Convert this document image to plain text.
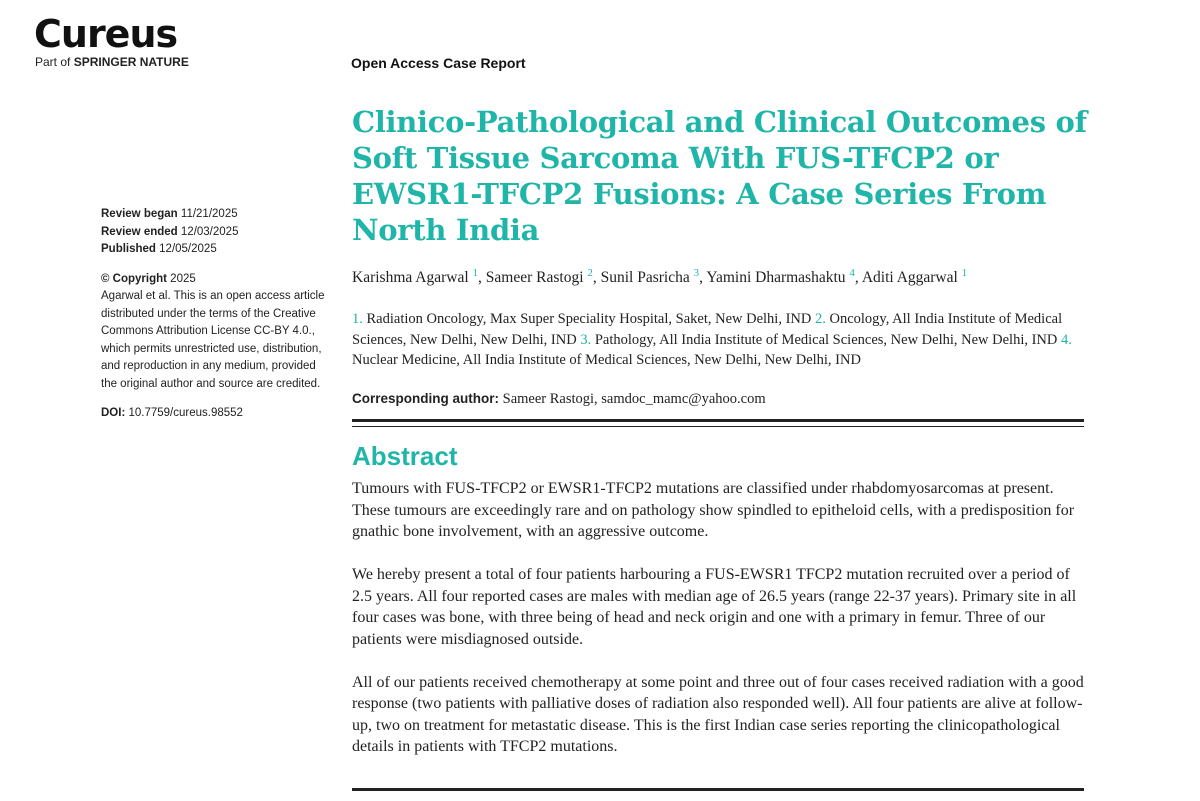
Cureus
Part of SPRINGER NATURE	Open Access Case Report
Review began 11/21/2025
Review ended 12/03/2025
Published 12/05/2025
© Copyright 2025
Agarwal et al. This is an open access article distributed under the terms of the Creative Commons Attribution License CC-BY 4.0., which permits unrestricted use, distribution, and reproduction in any medium, provided the original author and source are credited.
DOI: 10.7759/cureus.98552
Clinico-Pathological and Clinical Outcomes of Soft Tissue Sarcoma With FUS-TFCP2 or EWSR1-TFCP2 Fusions: A Case Series From North India
Karishma Agarwal $^1$, Sameer Rastogi $^2$, Sunil Pasricha $^3$, Yamini Dharmashaktu $^4$, Aditi Aggarwal $^1$
1. Radiation Oncology, Max Super Speciality Hospital, Saket, New Delhi, IND 2. Oncology, All India Institute of Medical Sciences, New Delhi, New Delhi, IND 3. Pathology, All India Institute of Medical Sciences, New Delhi, New Delhi, IND 4. Nuclear Medicine, All India Institute of Medical Sciences, New Delhi, New Delhi, IND
Corresponding author: Sameer Rastogi, samdoc_mamc@yahoo.com
Abstract

Tumours with FUS-TFCP2 or EWSR1-TFCP2 mutations are classified under rhabdomyosarcomas at present. These tumours are exceedingly rare and on pathology show spindled to epitheloid cells, with a predisposition for gnathic bone involvement, with an aggressive outcome.

We hereby present a total of four patients harbouring a FUS-EWSR1 TFCP2 mutation recruited over a period of 2.5 years. All four reported cases are males with median age of 26.5 years (range 22-37 years). Primary site in all four cases was bone, with three being of head and neck origin and one with a primary in femur. Three of our patients were misdiagnosed outside.

All of our patients received chemotherapy at some point and three out of four cases received radiation with a good response (two patients with palliative doses of radiation also responded well). All four patients are alive at follow-up, two on treatment for metastatic disease. This is the first Indian case series reporting the clinicopathological details in patients with TFCP2 mutations.
